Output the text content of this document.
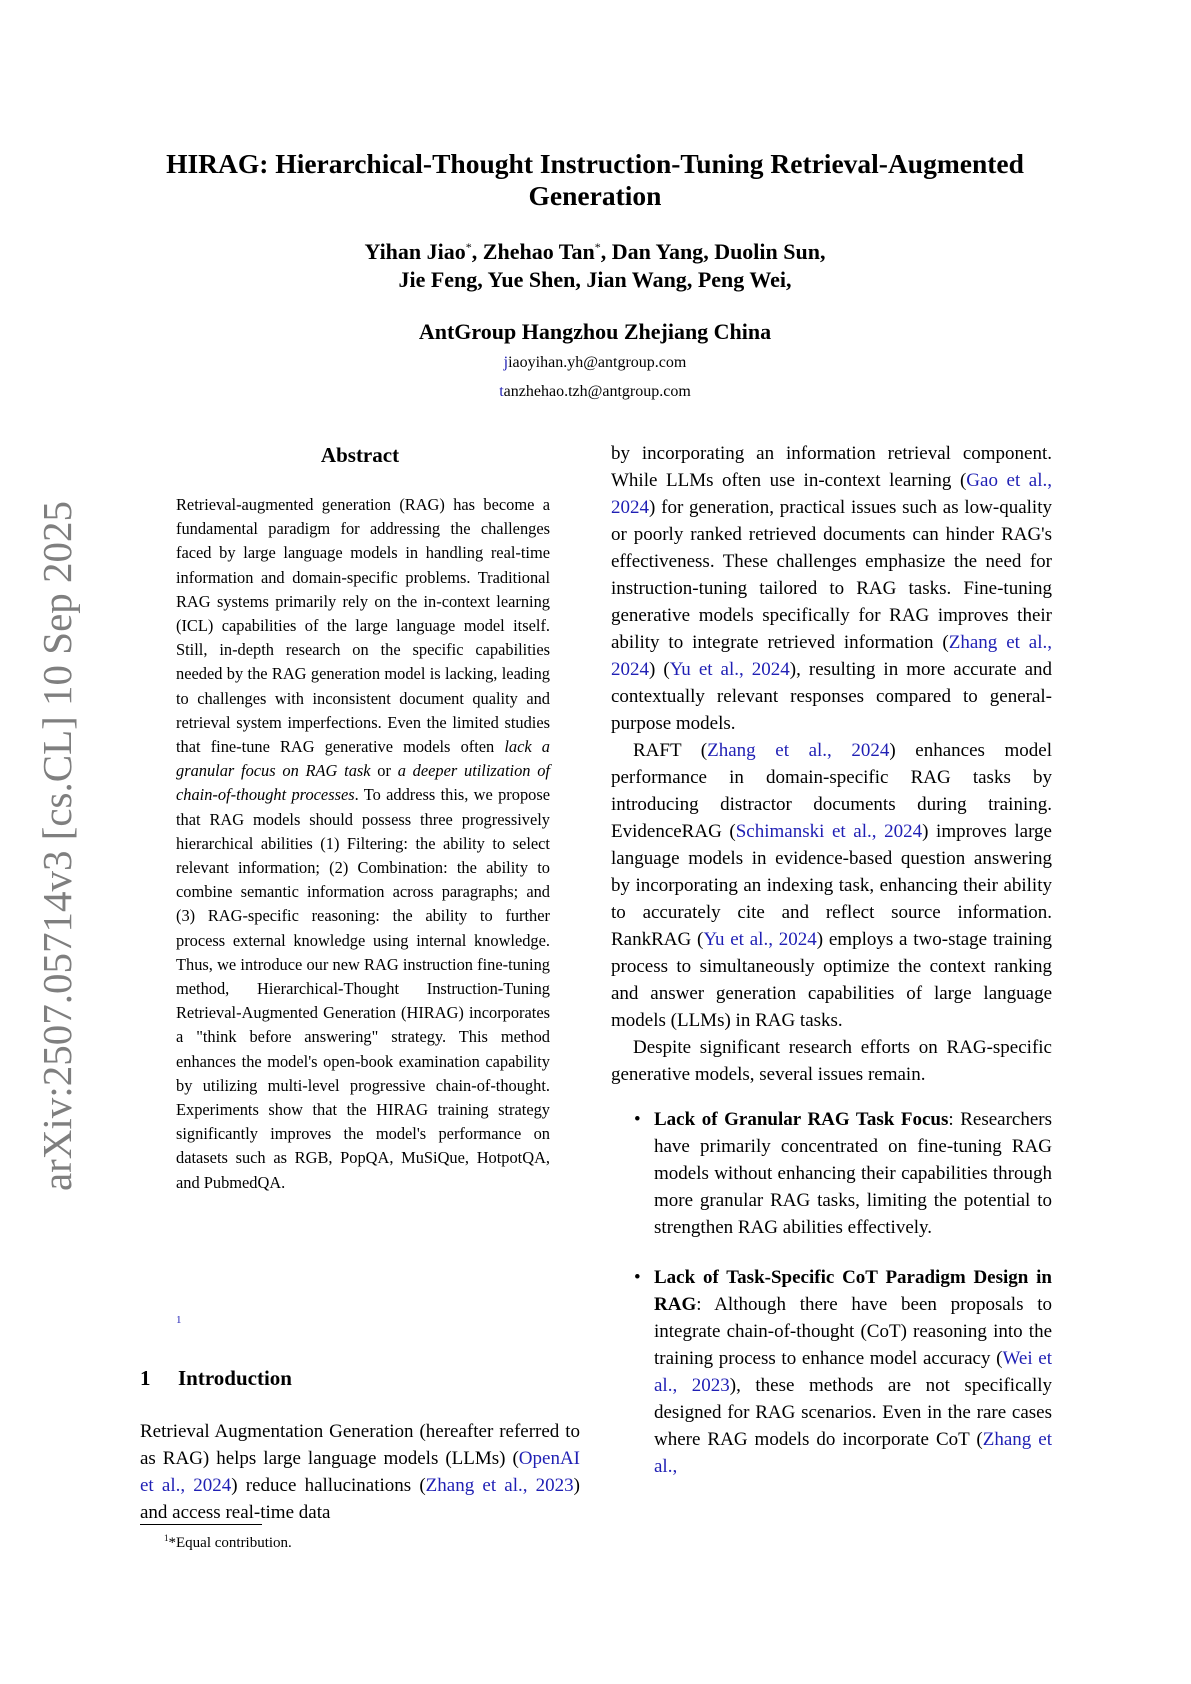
arXiv:2507.05714v3 [cs.CL] 10 Sep 2025
HIRAG: Hierarchical-Thought Instruction-Tuning Retrieval-Augmented
Generation
Yihan Jiao*, Zhehao Tan*, Dan Yang, Duolin Sun,
Jie Feng, Yue Shen, Jian Wang, Peng Wei,
AntGroup Hangzhou Zhejiang China
jiaoyihan.yh@antgroup.com
tanzhehao.tzh@antgroup.com
Abstract
Retrieval-augmented generation (RAG) has become a fundamental paradigm for addressing the challenges faced by large language models in handling real-time information and domain-specific problems. Traditional RAG systems primarily rely on the in-context learning (ICL) capabilities of the large language model itself. Still, in-depth research on the specific capabilities needed by the RAG generation model is lacking, leading to challenges with inconsistent document quality and retrieval system imperfections. Even the limited studies that fine-tune RAG generative models often lack a granular focus on RAG task or a deeper utilization of chain-of-thought processes. To address this, we propose that RAG models should possess three progressively hierarchical abilities (1) Filtering: the ability to select relevant information; (2) Combination: the ability to combine semantic information across paragraphs; and (3) RAG-specific reasoning: the ability to further process external knowledge using internal knowledge. Thus, we introduce our new RAG instruction fine-tuning method, Hierarchical-Thought Instruction-Tuning Retrieval-Augmented Generation (HIRAG) incorporates a "think before answering" strategy. This method enhances the model's open-book examination capability by utilizing multi-level progressive chain-of-thought. Experiments show that the HIRAG training strategy significantly improves the model's performance on datasets such as RGB, PopQA, MuSiQue, HotpotQA, and PubmedQA.
1
1 Introduction
Retrieval Augmentation Generation (hereafter referred to as RAG) helps large language models (LLMs) (OpenAI et al., 2024) reduce hallucinations (Zhang et al., 2023) and access real-time data
$^1$*Equal contribution.

by incorporating an information retrieval component. While LLMs often use in-context learning (Gao et al., 2024) for generation, practical issues such as low-quality or poorly ranked retrieved documents can hinder RAG's effectiveness. These challenges emphasize the need for instruction-tuning tailored to RAG tasks. Fine-tuning generative models specifically for RAG improves their ability to integrate retrieved information (Zhang et al., 2024) (Yu et al., 2024), resulting in more accurate and contextually relevant responses compared to general-purpose models.

RAFT (Zhang et al., 2024) enhances model performance in domain-specific RAG tasks by introducing distractor documents during training. EvidenceRAG (Schimanski et al., 2024) improves large language models in evidence-based question answering by incorporating an indexing task, enhancing their ability to accurately cite and reflect source information. RankRAG (Yu et al., 2024) employs a two-stage training process to simultaneously optimize the context ranking and answer generation capabilities of large language models (LLMs) in RAG tasks.

Despite significant research efforts on RAG-specific generative models, several issues remain.

• Lack of Granular RAG Task Focus: Researchers have primarily concentrated on fine-tuning RAG models without enhancing their capabilities through more granular RAG tasks, limiting the potential to strengthen RAG abilities effectively.
• Lack of Task-Specific CoT Paradigm Design in RAG: Although there have been proposals to integrate chain-of-thought (CoT) reasoning into the training process to enhance model accuracy (Wei et al., 2023), these methods are not specifically designed for RAG scenarios. Even in the rare cases where RAG models do incorporate CoT (Zhang et al.,
